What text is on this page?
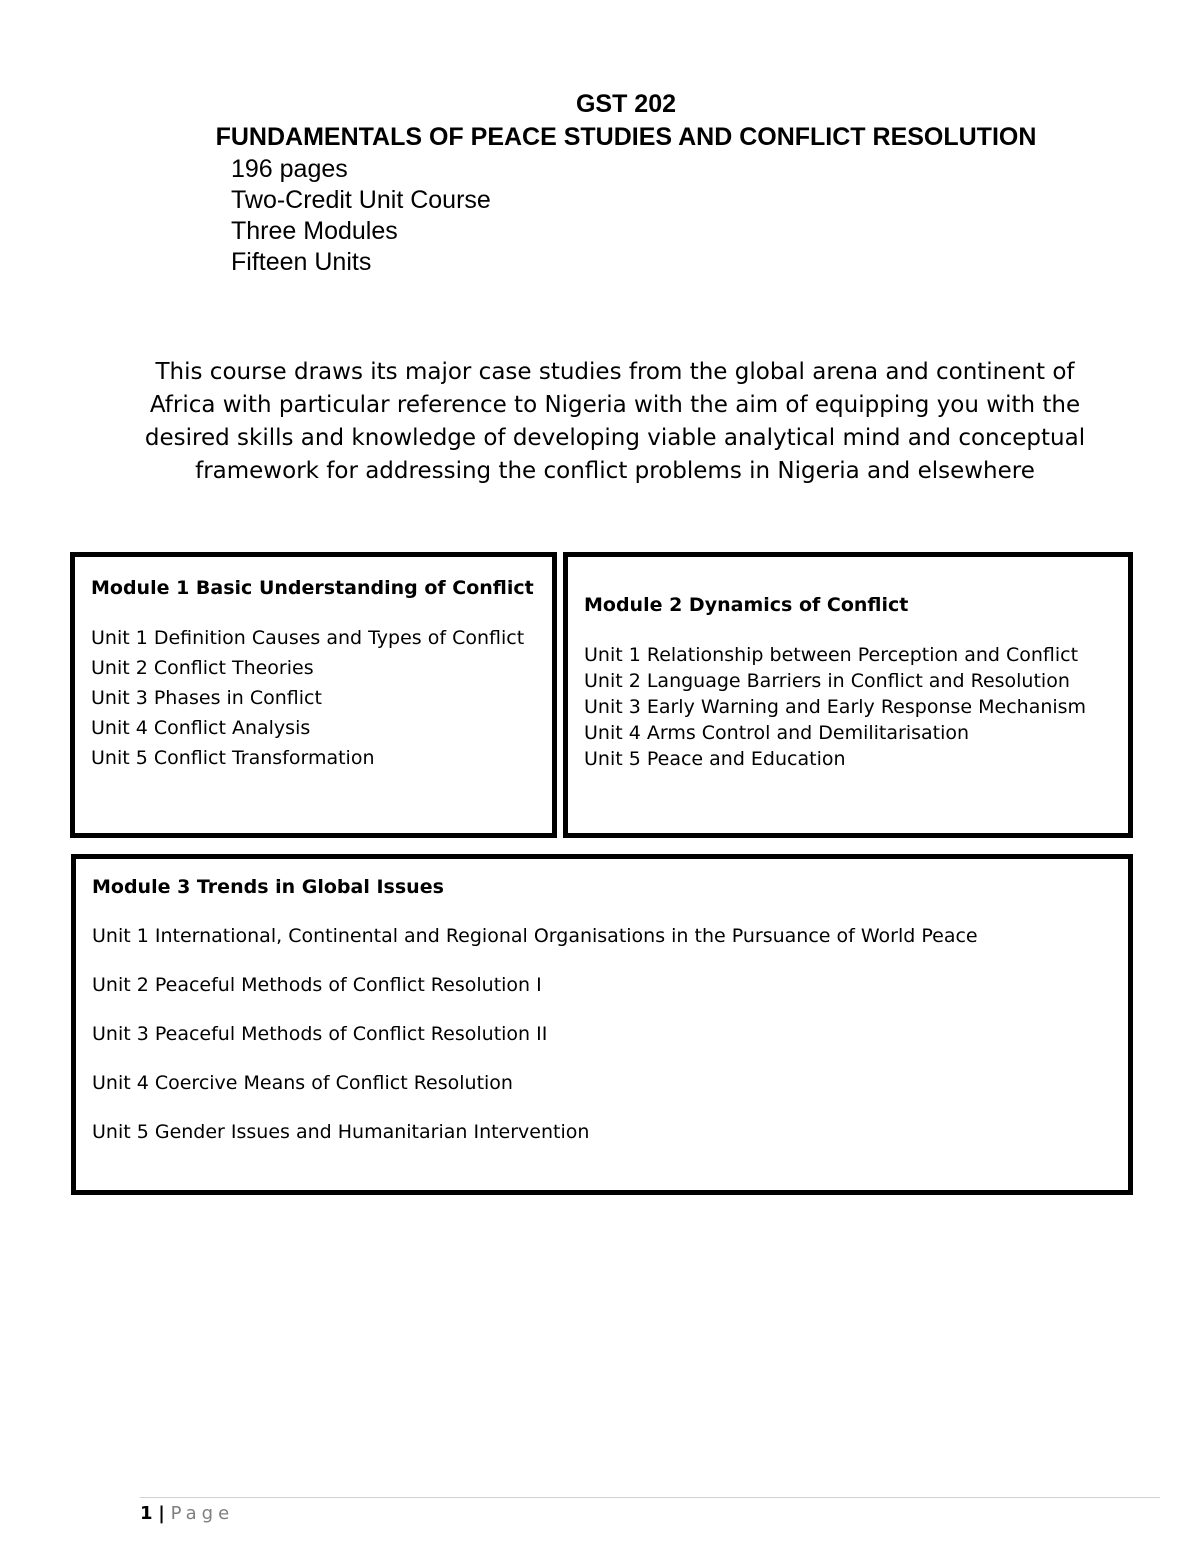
GST 202
FUNDAMENTALS OF PEACE STUDIES AND CONFLICT RESOLUTION
196 pages
Two-Credit Unit Course
Three Modules
Fifteen Units
This course draws its major case studies from the global arena and continent of Africa with particular reference to Nigeria with the aim of equipping you with the desired skills and knowledge of developing viable analytical mind and conceptual framework for addressing the conflict problems in Nigeria and elsewhere
Module 1 Basic Understanding of Conflict
Unit 1 Definition Causes and Types of Conflict
Unit 2 Conflict Theories
Unit 3 Phases in Conflict
Unit 4 Conflict Analysis
Unit 5 Conflict Transformation
Module 2 Dynamics of Conflict
Unit 1 Relationship between Perception and Conflict
Unit 2 Language Barriers in Conflict and Resolution
Unit 3 Early Warning and Early Response Mechanism
Unit 4 Arms Control and Demilitarisation
Unit 5 Peace and Education
Module 3 Trends in Global Issues
Unit 1 International, Continental and Regional Organisations in the Pursuance of World Peace
Unit 2 Peaceful Methods of Conflict Resolution I
Unit 3 Peaceful Methods of Conflict Resolution II
Unit 4 Coercive Means of Conflict Resolution
Unit 5 Gender Issues and Humanitarian Intervention
1 | Page
